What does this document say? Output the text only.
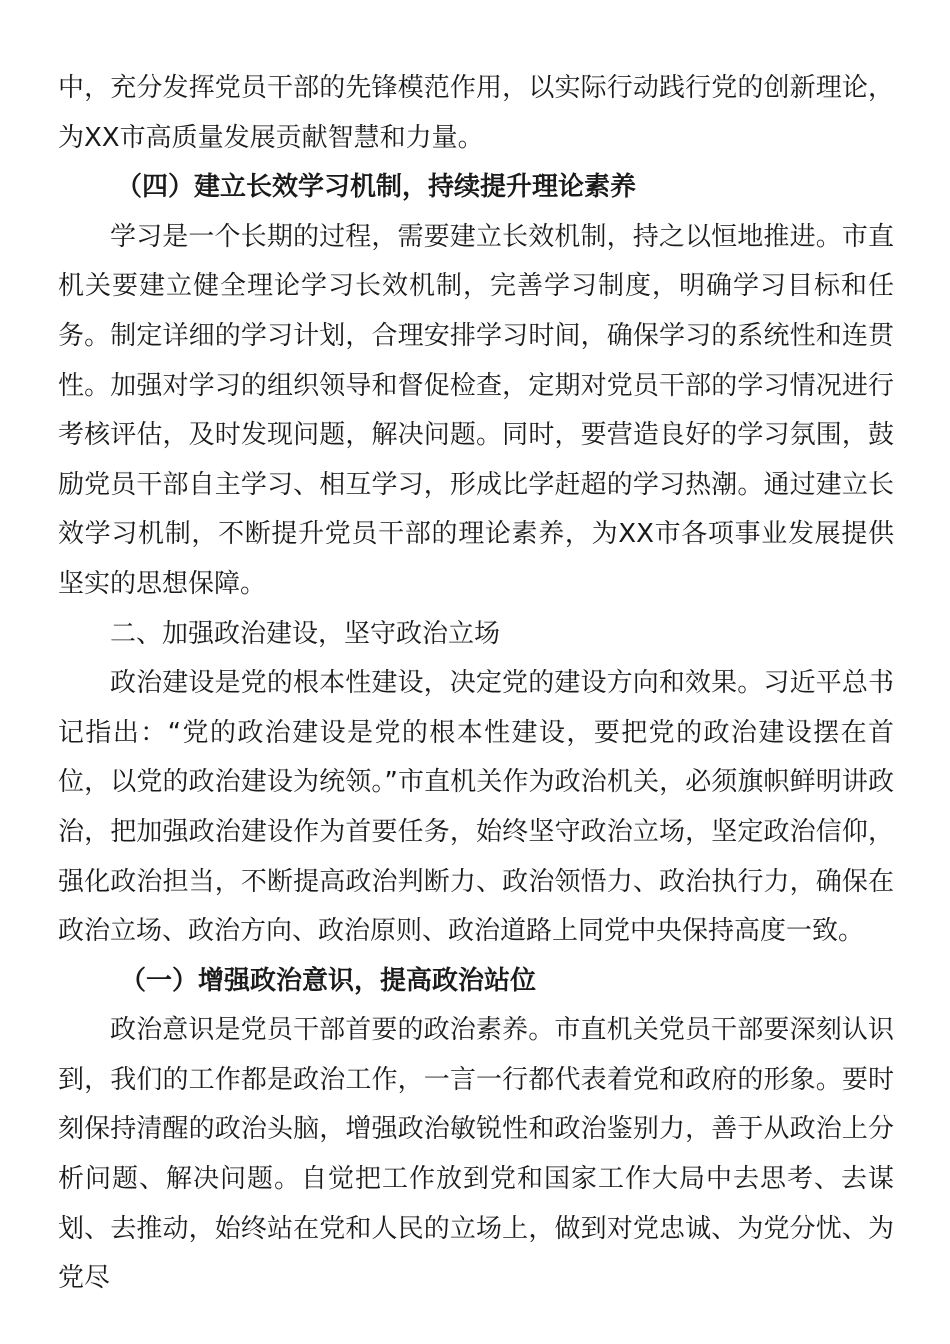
中，充分发挥党员干部的先锋模范作用，以实际行动践行党的创新理论，为XX市高质量发展贡献智慧和力量。

（四）建立长效学习机制，持续提升理论素养

学习是一个长期的过程，需要建立长效机制，持之以恒地推进。市直机关要建立健全理论学习长效机制，完善学习制度，明确学习目标和任务。制定详细的学习计划，合理安排学习时间，确保学习的系统性和连贯性。加强对学习的组织领导和督促检查，定期对党员干部的学习情况进行考核评估，及时发现问题，解决问题。同时，要营造良好的学习氛围，鼓励党员干部自主学习、相互学习，形成比学赶超的学习热潮。通过建立长效学习机制，不断提升党员干部的理论素养，为XX市各项事业发展提供坚实的思想保障。

二、加强政治建设，坚守政治立场

政治建设是党的根本性建设，决定党的建设方向和效果。习近平总书记指出：“党的政治建设是党的根本性建设，要把党的政治建设摆在首位，以党的政治建设为统领。”市直机关作为政治机关，必须旗帜鲜明讲政治，把加强政治建设作为首要任务，始终坚守政治立场，坚定政治信仰，强化政治担当，不断提高政治判断力、政治领悟力、政治执行力，确保在政治立场、政治方向、政治原则、政治道路上同党中央保持高度一致。

（一）增强政治意识，提高政治站位

政治意识是党员干部首要的政治素养。市直机关党员干部要深刻认识到，我们的工作都是政治工作，一言一行都代表着党和政府的形象。要时刻保持清醒的政治头脑，增强政治敏锐性和政治鉴别力，善于从政治上分析问题、解决问题。自觉把工作放到党和国家工作大局中去思考、去谋划、去推动，始终站在党和人民的立场上，做到对党忠诚、为党分忧、为党尽
